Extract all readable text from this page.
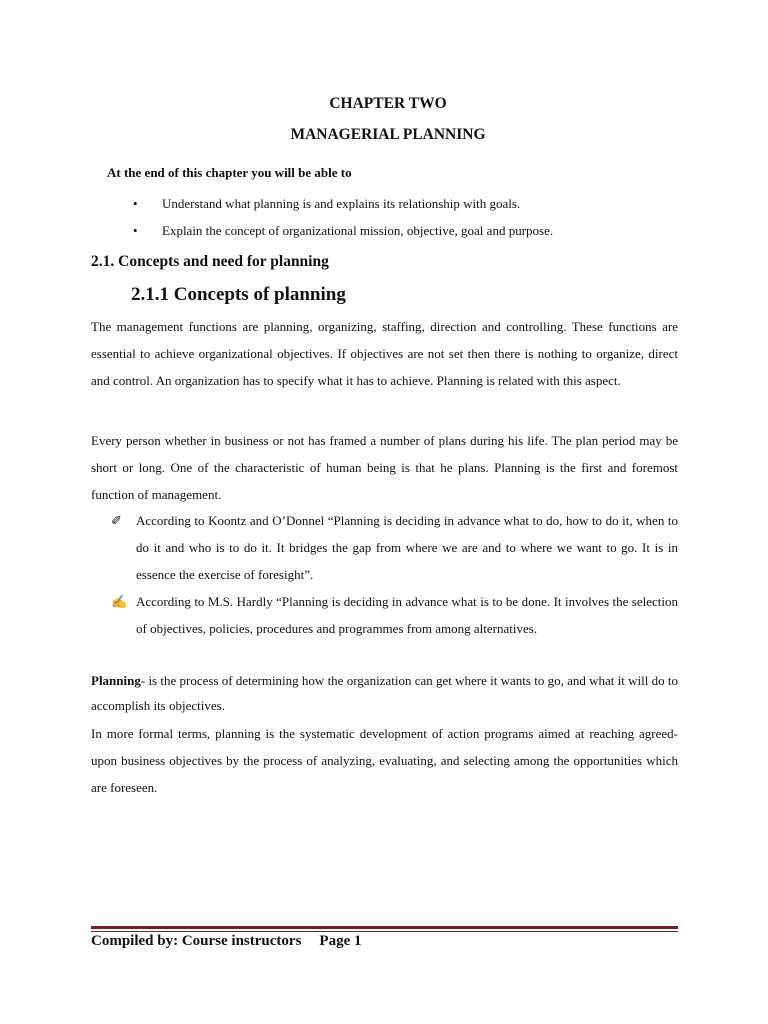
CHAPTER TWO
MANAGERIAL PLANNING
At the end of this chapter you will be able to
• Understand what planning is and explains its relationship with goals.
• Explain the concept of organizational mission, objective, goal and purpose.
2.1. Concepts and need for planning
2.1.1 Concepts of planning
The management functions are planning, organizing, staffing, direction and controlling. These functions are essential to achieve organizational objectives. If objectives are not set then there is nothing to organize, direct and control. An organization has to specify what it has to achieve. Planning is related with this aspect.
Every person whether in business or not has framed a number of plans during his life. The plan period may be short or long. One of the characteristic of human being is that he plans. Planning is the first and foremost function of management.
✐	According to Koontz and O’Donnel “Planning is deciding in advance what to do, how to do it, when to do it and who is to do it. It bridges the gap from where we are and to where we want to go. It is in essence the exercise of foresight”.
✍ According to M.S. Hardly “Planning is deciding in advance what is to be done. It involves the selection of objectives, policies, procedures and programmes from among alternatives.
Planning- is the process of determining how the organization can get where it wants to go, and what it will do to accomplish its objectives.
In more formal terms, planning is the systematic development of action programs aimed at reaching agreed-upon business objectives by the process of analyzing, evaluating, and selecting among the opportunities which are foreseen.
Compiled by: Course instructors Page 1
